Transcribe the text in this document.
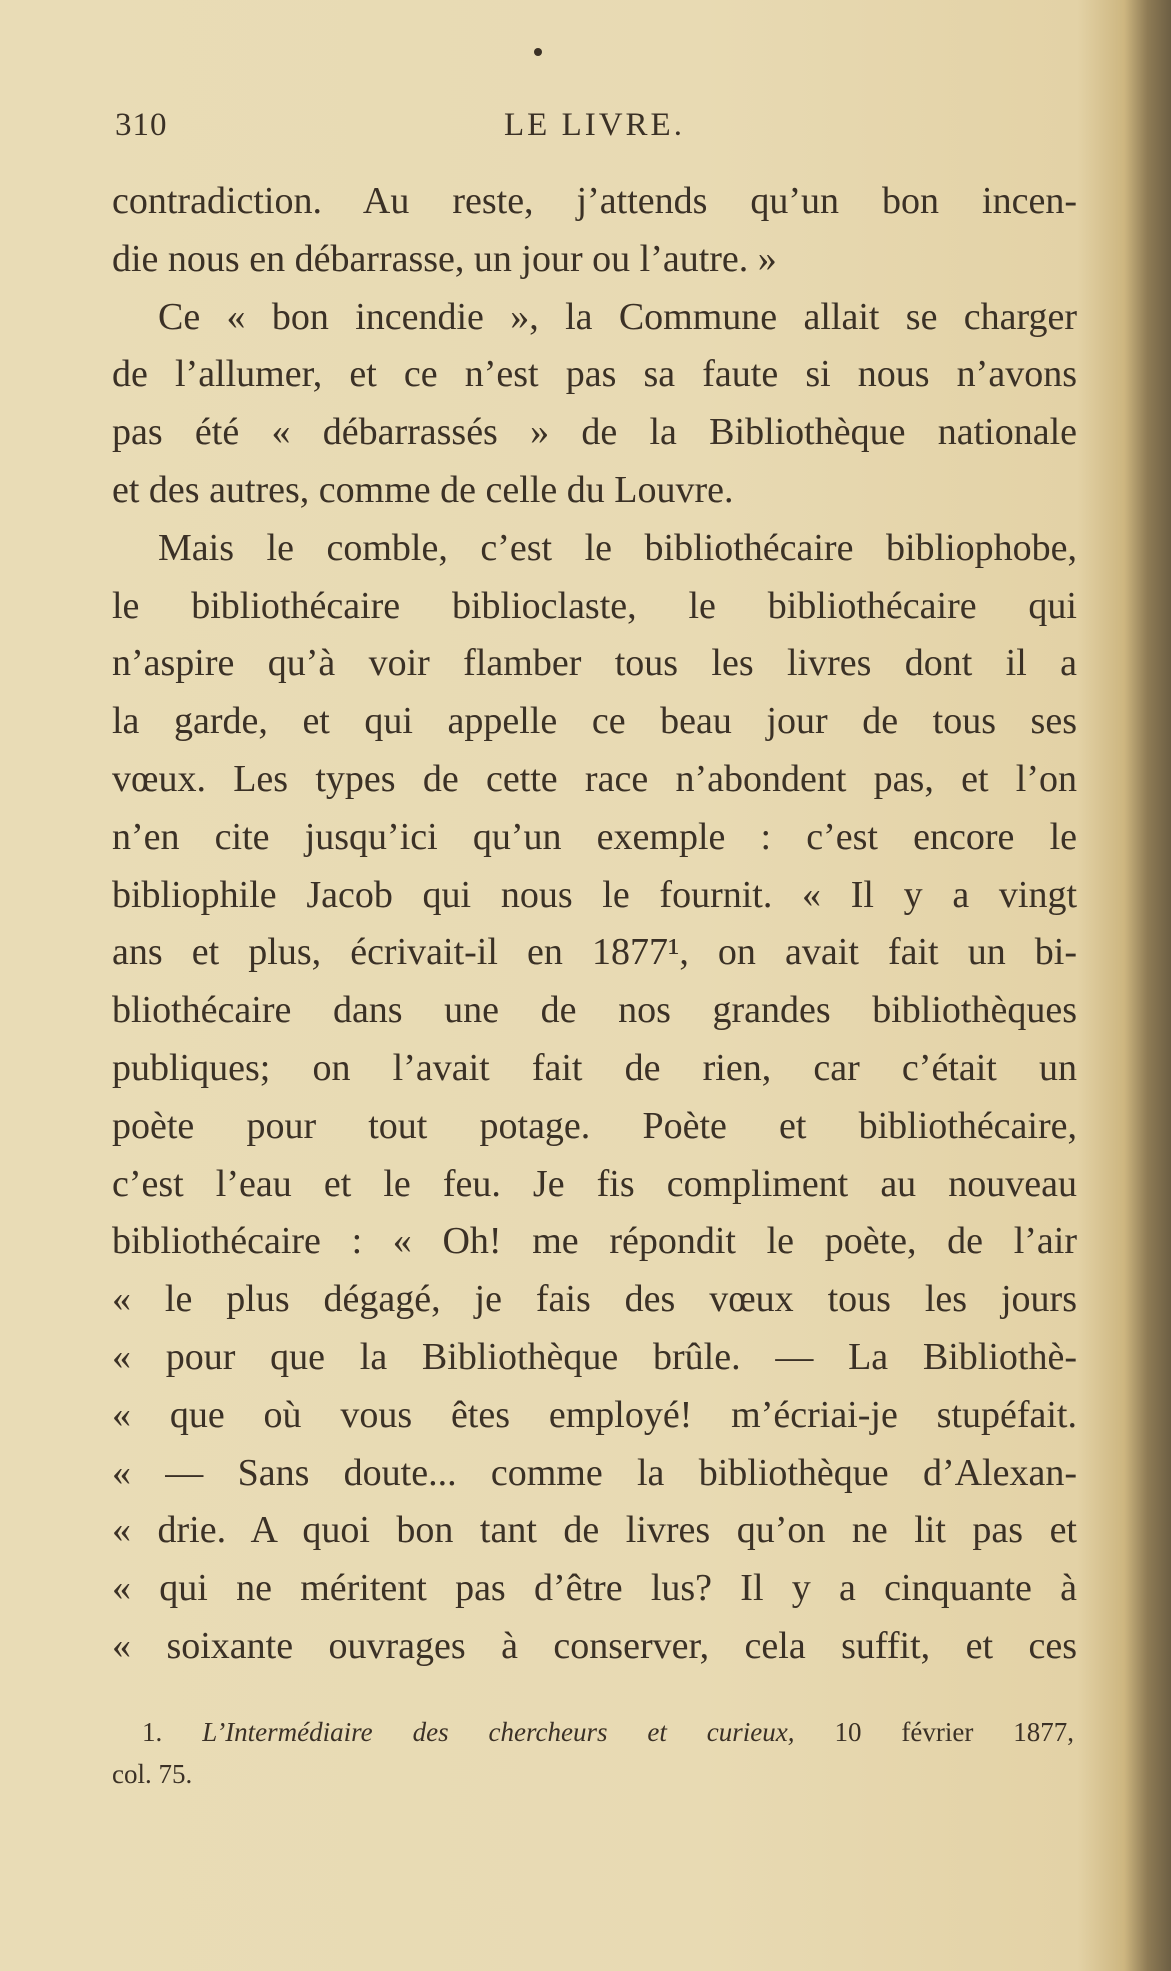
310	LE LIVRE.
contradiction. Au reste, j’attends qu’un bon incen-
die nous en débarrasse, un jour ou l’autre. »
Ce « bon incendie », la Commune allait se charger
de l’allumer, et ce n’est pas sa faute si nous n’avons
pas été « débarrassés » de la Bibliothèque nationale
et des autres, comme de celle du Louvre.
Mais le comble, c’est le bibliothécaire bibliophobe,
le bibliothécaire biblioclaste, le bibliothécaire qui
n’aspire qu’à voir flamber tous les livres dont il a
la garde, et qui appelle ce beau jour de tous ses
vœux. Les types de cette race n’abondent pas, et l’on
n’en cite jusqu’ici qu’un exemple : c’est encore le
bibliophile Jacob qui nous le fournit. « Il y a vingt
ans et plus, écrivait-il en 1877¹, on avait fait un bi-
bliothécaire dans une de nos grandes bibliothèques
publiques; on l’avait fait de rien, car c’était un
poète pour tout potage. Poète et bibliothécaire,
c’est l’eau et le feu. Je fis compliment au nouveau
bibliothécaire : « Oh! me répondit le poète, de l’air
« le plus dégagé, je fais des vœux tous les jours
« pour que la Bibliothèque brûle. — La Bibliothè-
« que où vous êtes employé! m’écriai-je stupéfait.
« — Sans doute... comme la bibliothèque d’Alexan-
« drie. A quoi bon tant de livres qu’on ne lit pas et
« qui ne méritent pas d’être lus? Il y a cinquante à
« soixante ouvrages à conserver, cela suffit, et ces
1. L’Intermédiaire des chercheurs et curieux, 10 février 1877,
col. 75.
